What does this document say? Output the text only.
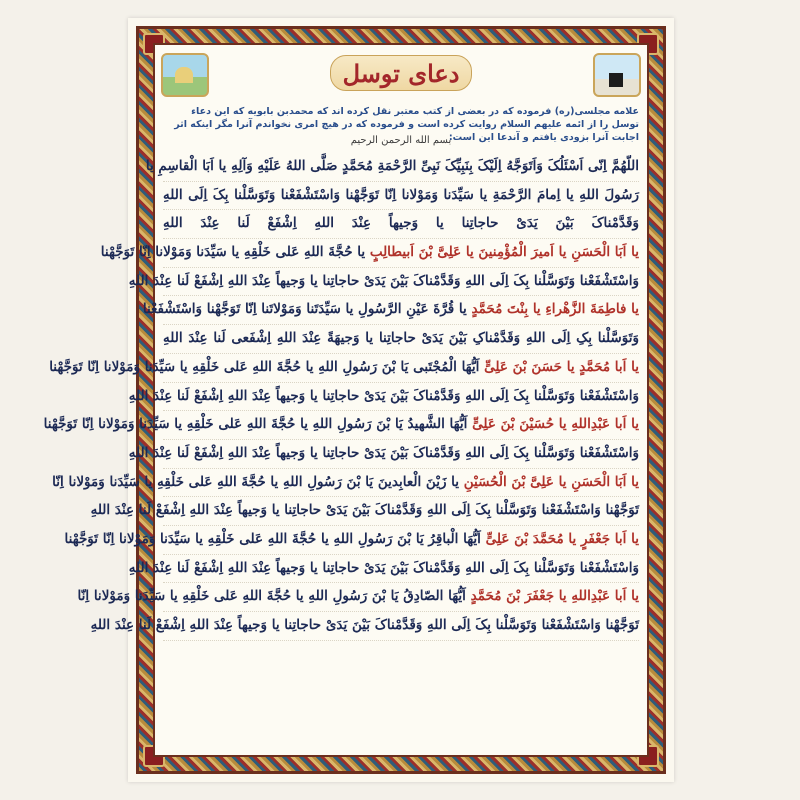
دعای توسل
علامه مجلسی(ره) فرموده که در بعضی از کتب معتبر نقل کرده اند که محمدبن بابویه که این دعاء توسل را از ائمه علیهم السلام روایت کرده است و فرموده که در هیچ امری نخواندم آنرا مگر اینکه اثر اجابت آنرا بزودی یافتم و آندعا این است:
بسم الله الرحمن الرحيم
اللّهُمَّ اِنّی اَسْئَلُکَ وَاَتَوَجَّهُ اِلَیْکَ بِنَبِیِّکَ نَبِیِّ الرَّحْمَةِ مُحَمَّدٍ صَلَّی اللهُ عَلَیْهِ وَآلِهِ یا اَبَا الْقاسِمِ یا
رَسُولَ اللهِ یا اِمامَ الرَّحْمَةِ یا سَیِّدَنا وَمَوْلانا اِنّا تَوَجَّهْنا وَاسْتَشْفَعْنا وَتَوَسَّلْنا بِکَ اِلَی اللهِ
وَقَدَّمْناکَ بَیْنَ یَدَیْ حاجاتِنا یا وَجیهاً عِنْدَ اللهِ اِشْفَعْ لَنا عِنْدَ اللهِ
یا اَبَا الْحَسَنِ یا اَمیرَ الْمُؤْمِنینَ یا عَلِیَّ بْنَ اَبیطالِبٍ یا حُجَّةَ اللهِ عَلی خَلْقِهِ یا سَیِّدَنا وَمَوْلانا اِنّا تَوَجَّهْنا
وَاسْتَشْفَعْنا وَتَوَسَّلْنا بِکَ اِلَی اللهِ وَقَدَّمْناکَ بَیْنَ یَدَیْ حاجاتِنا یا وَجیهاً عِنْدَ اللهِ اِشْفَعْ لَنا عِنْدَ اللهِ
یا فاطِمَةَ الزَّهْراءِ یا بِنْتَ مُحَمَّدٍ یا قُرَّةَ عَیْنِ الرَّسُولِ یا سَیِّدَتَنا وَمَوْلاتَنا اِنّا تَوَجَّهْنا وَاسْتَشْفَعْنا
وَتَوَسَّلْنا بِکِ اِلَی اللهِ وَقَدَّمْناکِ بَیْنَ یَدَیْ حاجاتِنا یا وَجیهَةً عِنْدَ اللهِ اِشْفَعی لَنا عِنْدَ اللهِ
یا اَبا مُحَمَّدٍ یا حَسَنَ بْنَ عَلِیٍّ اَیُّهَا الْمُجْتَبی یَا بْنَ رَسُولِ اللهِ یا حُجَّةَ اللهِ عَلی خَلْقِهِ یا سَیِّدَنا وَمَوْلانا اِنّا تَوَجَّهْنا
وَاسْتَشْفَعْنا وَتَوَسَّلْنا بِکَ اِلَی اللهِ وَقَدَّمْناکَ بَیْنَ یَدَیْ حاجاتِنا یا وَجیهاً عِنْدَ اللهِ اِشْفَعْ لَنا عِنْدَ اللهِ
یا اَبا عَبْدِاللهِ یا حُسَیْنَ بْنَ عَلِیٍّ اَیُّهَا الشَّهیدُ یَا بْنَ رَسُولِ اللهِ یا حُجَّةَ اللهِ عَلی خَلْقِهِ یا سَیِّدَنا وَمَوْلانا اِنّا تَوَجَّهْنا
وَاسْتَشْفَعْنا وَتَوَسَّلْنا بِکَ اِلَی اللهِ وَقَدَّمْناکَ بَیْنَ یَدَیْ حاجاتِنا یا وَجیهاً عِنْدَ اللهِ اِشْفَعْ لَنا عِنْدَ اللهِ
یا اَبَا الْحَسَنِ یا عَلِیَّ بْنَ الْحُسَیْنِ یا زَیْنَ الْعابِدینَ یَا بْنَ رَسُولِ اللهِ یا حُجَّةَ اللهِ عَلی خَلْقِهِ یا سَیِّدَنا وَمَوْلانا اِنّا
تَوَجَّهْنا وَاسْتَشْفَعْنا وَتَوَسَّلْنا بِکَ اِلَی اللهِ وَقَدَّمْناکَ بَیْنَ یَدَیْ حاجاتِنا یا وَجیهاً عِنْدَ اللهِ اِشْفَعْ لَنا عِنْدَ اللهِ
یا اَبا جَعْفَرٍ یا مُحَمَّدَ بْنَ عَلِیٍّ اَیُّهَا الْباقِرُ یَا بْنَ رَسُولِ اللهِ یا حُجَّةَ اللهِ عَلی خَلْقِهِ یا سَیِّدَنا وَمَوْلانا اِنّا تَوَجَّهْنا
وَاسْتَشْفَعْنا وَتَوَسَّلْنا بِکَ اِلَی اللهِ وَقَدَّمْناکَ بَیْنَ یَدَیْ حاجاتِنا یا وَجیهاً عِنْدَ اللهِ اِشْفَعْ لَنا عِنْدَ اللهِ
یا اَبا عَبْدِاللهِ یا جَعْفَرَ بْنَ مُحَمَّدٍ اَیُّهَا الصّادِقُ یَا بْنَ رَسُولِ اللهِ یا حُجَّةَ اللهِ عَلی خَلْقِهِ یا سَیِّدَنا وَمَوْلانا اِنّا
تَوَجَّهْنا وَاسْتَشْفَعْنا وَتَوَسَّلْنا بِکَ اِلَی اللهِ وَقَدَّمْناکَ بَیْنَ یَدَیْ حاجاتِنا یا وَجیهاً عِنْدَ اللهِ اِشْفَعْ لَنا عِنْدَ اللهِ
